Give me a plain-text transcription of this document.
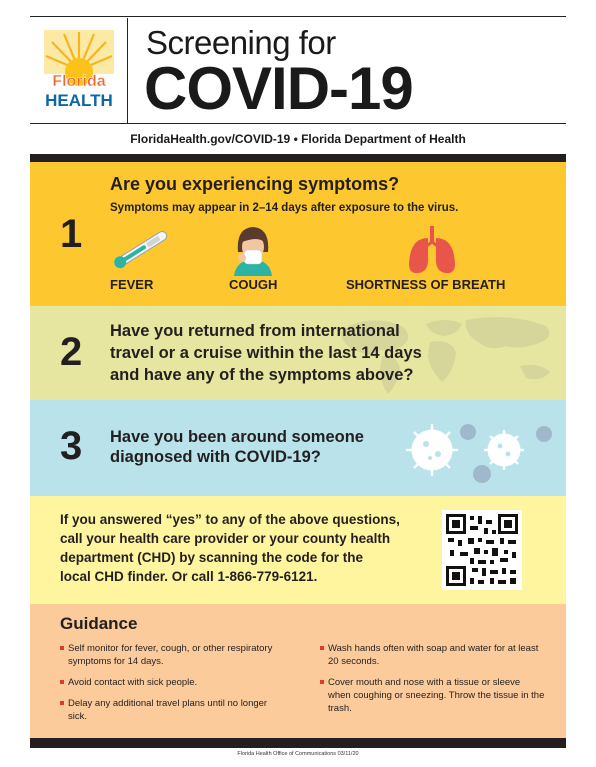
Florida
HEALTH
Screening for
COVID-19
FloridaHealth.gov/COVID-19 • Florida Department of Health
1
Are you experiencing symptoms?
Symptoms may appear in 2–14 days after exposure to the virus.
FEVER	COUGH	SHORTNESS OF BREATH
2 Have you returned from international
travel or a cruise within the last 14 days
and have any of the symptoms above?
3 Have you been around someone
diagnosed with COVID-19?
If you answered “yes” to any of the above questions,
call your health care provider or your county health
department (CHD) by scanning the code for the
local CHD finder. Or call 1-866-779-6121.
Guidance
Self monitor for fever, cough, or other respiratory symptoms for 14 days.
Avoid contact with sick people.
Delay any additional travel plans until no longer sick.
Wash hands often with soap and water for at least 20 seconds.
Cover mouth and nose with a tissue or sleeve when coughing or sneezing. Throw the tissue in the trash.
Florida Health Office of Communications 03/11/20
